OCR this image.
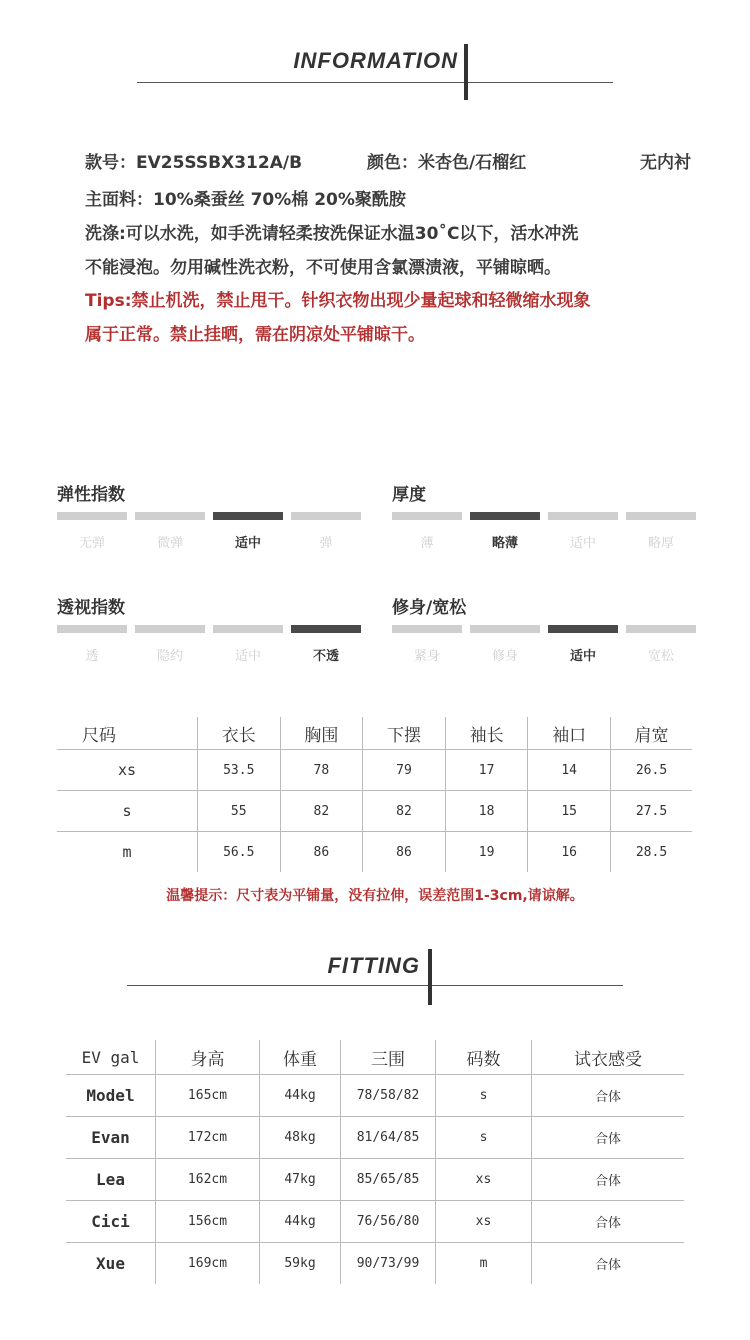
INFORMATION
款号：EV25SSBX312A/B	颜色：米杏色/石榴红	无内衬
主面料：10%桑蚕丝 70%棉 20%聚酰胺
洗涤:可以水洗，如手洗请轻柔按洗保证水温30˚C以下，活水冲洗
不能浸泡。勿用碱性洗衣粉，不可使用含氯漂渍液，平铺晾晒。
Tips:禁止机洗，禁止甩干。针织衣物出现少量起球和轻微缩水现象
属于正常。禁止挂晒，需在阴凉处平铺晾干。
弹性指数
无弹	微弹	适中	弹
厚度
薄	略薄	适中	略厚
透视指数
透	隐约	适中	不透
修身/宽松
紧身	修身	适中	宽松
尺码	衣长	胸围	下摆	袖长	袖口	肩宽
xs	53.5	78	79	17	14	26.5
s	55	82	82	18	15	27.5
m	56.5	86	86	19	16	28.5
温馨提示：尺寸表为平铺量，没有拉伸，误差范围1-3cm,请谅解。
FITTING
EV gal	身高	体重	三围	码数	试衣感受
Model	165cm	44kg	78/58/82	s	合体
Evan	172cm	48kg	81/64/85	s	合体
Lea	162cm	47kg	85/65/85	xs	合体
Cici	156cm	44kg	76/56/80	xs	合体
Xue	169cm	59kg	90/73/99	m	合体
